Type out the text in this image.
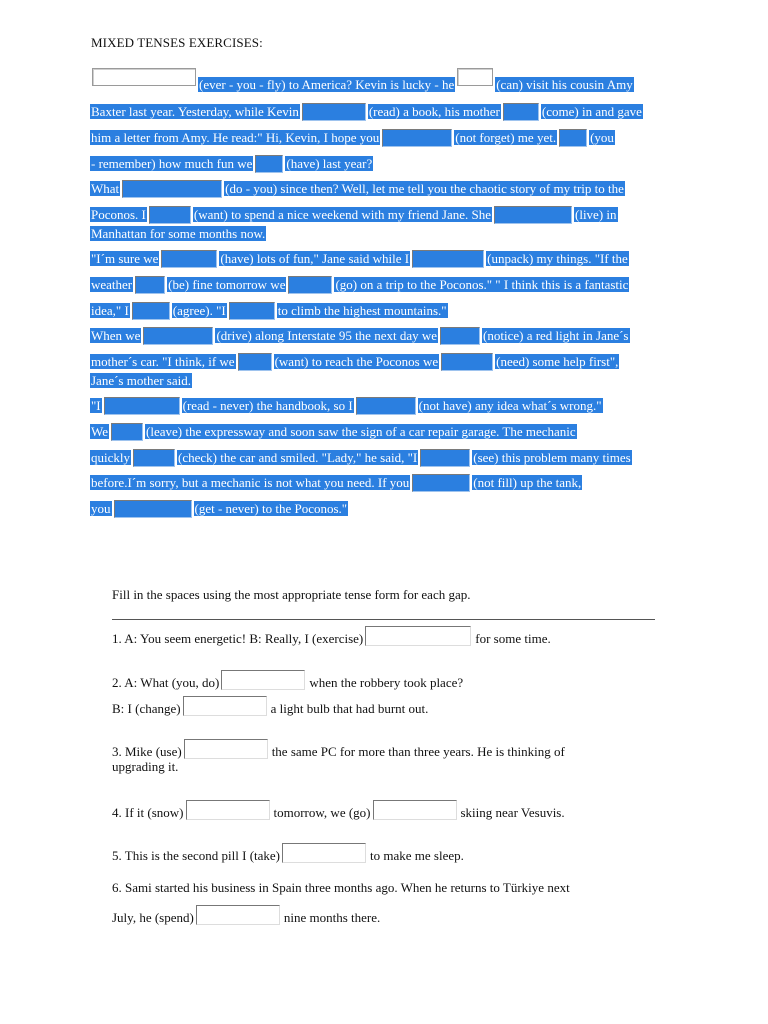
MIXED TENSES EXERCISES:
(ever - you - fly) to America? Kevin is lucky - he	(can) visit his cousin Amy
Baxter last year. Yesterday, while Kevin	(read) a book, his mother	(come) in and gave
him a letter from Amy. He read:" Hi, Kevin, I hope you	(not forget) me yet.	(you
- remember) how much fun we	(have) last year?
What	(do - you) since then? Well, let me tell you the chaotic story of my trip to the
Poconos. I	(want) to spend a nice weekend with my friend Jane. She	(live) in
Manhattan for some months now.
"I´m sure we	(have) lots of fun," Jane said while I	(unpack) my things. "If the
weather	(be) fine tomorrow we	(go) on a trip to the Poconos." " I think this is a fantastic
idea," I	(agree). "I	to climb the highest mountains."
When we	(drive) along Interstate 95 the next day we	(notice) a red light in Jane´s
mother´s car. "I think, if we	(want) to reach the Poconos we	(need) some help first",
Jane´s mother said.
"I	(read - never) the handbook, so I	(not have) any idea what´s wrong."
We	(leave) the expressway and soon saw the sign of a car repair garage. The mechanic
quickly	(check) the car and smiled. "Lady," he said, "I	(see) this problem many times
before.I´m sorry, but a mechanic is not what you need. If you	(not fill) up the tank,
you	(get - never) to the Poconos."
Fill in the spaces using the most appropriate tense form for each gap.
1. A: You seem energetic! B: Really, I (exercise)	for some time.
2. A: What (you, do)	when the robbery took place?
B: I (change)	a light bulb that had burnt out.
3. Mike (use)	the same PC for more than three years. He is thinking of
upgrading it.
4. If it (snow)	tomorrow, we (go)	skiing near Vesuvis.
5. This is the second pill I (take)	to make me sleep.
6. Sami started his business in Spain three months ago. When he returns to Türkiye next
July, he (spend)	nine months there.
